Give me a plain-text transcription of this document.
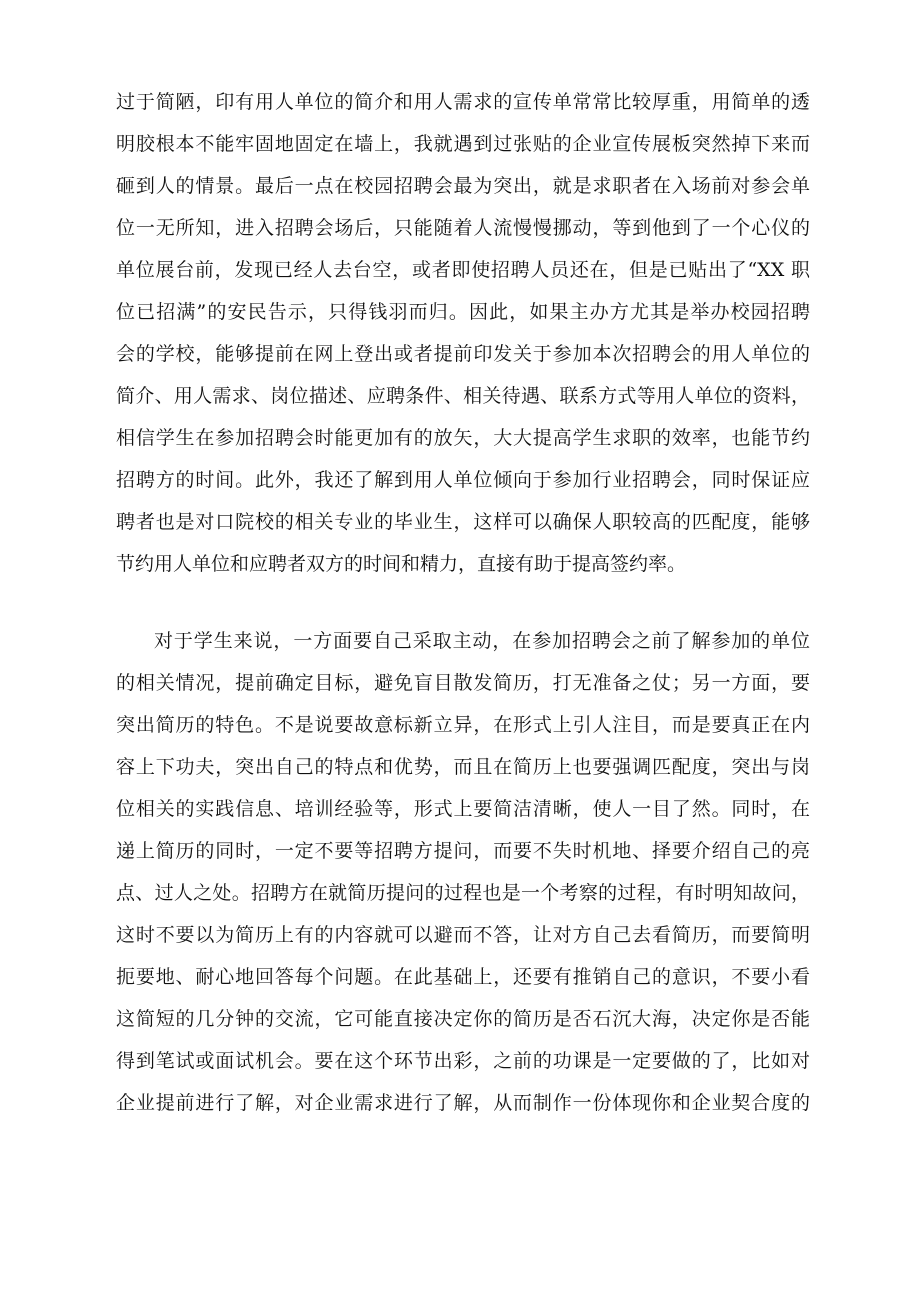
过于简陋，印有用人单位的简介和用人需求的宣传单常常比较厚重，用简单的透
明胶根本不能牢固地固定在墙上，我就遇到过张贴的企业宣传展板突然掉下来而
砸到人的情景。最后一点在校园招聘会最为突出，就是求职者在入场前对参会单
位一无所知，进入招聘会场后，只能随着人流慢慢挪动，等到他到了一个心仪的
单位展台前，发现已经人去台空，或者即使招聘人员还在，但是已贴出了“XX 职
位已招满”的安民告示，只得钱羽而归。因此，如果主办方尤其是举办校园招聘
会的学校，能够提前在网上登出或者提前印发关于参加本次招聘会的用人单位的
简介、用人需求、岗位描述、应聘条件、相关待遇、联系方式等用人单位的资料，
相信学生在参加招聘会时能更加有的放矢，大大提高学生求职的效率，也能节约
招聘方的时间。此外，我还了解到用人单位倾向于参加行业招聘会，同时保证应
聘者也是对口院校的相关专业的毕业生，这样可以确保人职较高的匹配度，能够
节约用人单位和应聘者双方的时间和精力，直接有助于提高签约率。
对于学生来说，一方面要自己采取主动，在参加招聘会之前了解参加的单位
的相关情况，提前确定目标，避免盲目散发简历，打无准备之仗；另一方面，要
突出简历的特色。不是说要故意标新立异，在形式上引人注目，而是要真正在内
容上下功夫，突出自己的特点和优势，而且在简历上也要强调匹配度，突出与岗
位相关的实践信息、培训经验等，形式上要简洁清晰，使人一目了然。同时，在
递上简历的同时，一定不要等招聘方提问，而要不失时机地、择要介绍自己的亮
点、过人之处。招聘方在就简历提问的过程也是一个考察的过程，有时明知故问，
这时不要以为简历上有的内容就可以避而不答，让对方自己去看简历，而要简明
扼要地、耐心地回答每个问题。在此基础上，还要有推销自己的意识，不要小看
这简短的几分钟的交流，它可能直接决定你的简历是否石沉大海，决定你是否能
得到笔试或面试机会。要在这个环节出彩，之前的功课是一定要做的了，比如对
企业提前进行了解，对企业需求进行了解，从而制作一份体现你和企业契合度的
